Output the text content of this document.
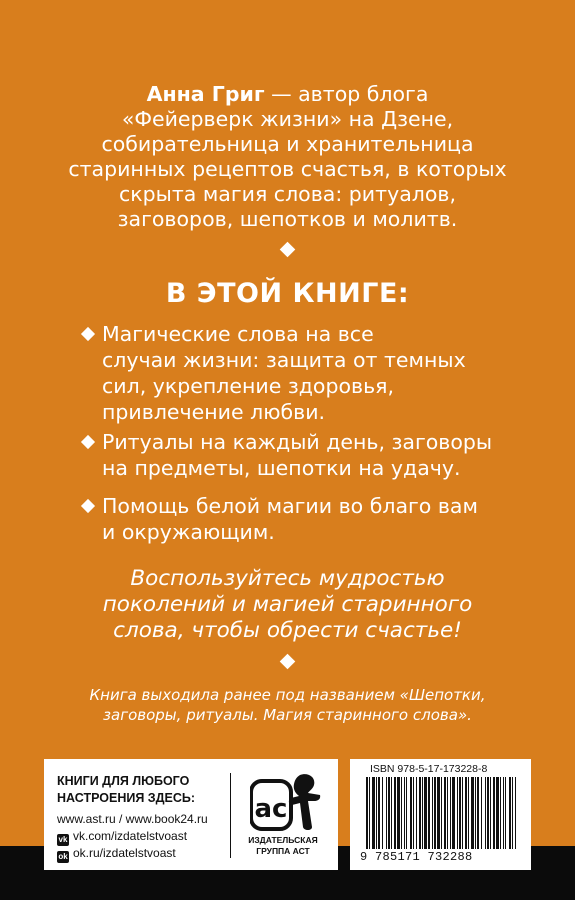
Анна Григ — автор блога
«Фейерверк жизни» на Дзене,
собирательница и хранительница
старинных рецептов счастья, в которых
скрыта магия слова: ритуалов,
заговоров, шепотков и молитв.
В ЭТОЙ КНИГЕ:
Магические слова на все
случаи жизни: защита от темных
сил, укрепление здоровья,
привлечение любви.
Ритуалы на каждый день, заговоры
на предметы, шепотки на удачу.
Помощь белой магии во благо вам
и окружающим.
Воспользуйтесь мудростью
поколений и магией старинного
слова, чтобы обрести счастье!
Книга выходила ранее под названием «Шепотки,
заговоры, ритуалы. Магия старинного слова».
КНИГИ ДЛЯ ЛЮБОГО
НАСТРОЕНИЯ ЗДЕСЬ:
www.ast.ru / www.book24.ru
vk vk.com/izdatelstvoast
ok ok.ru/izdatelstvoast
ac
ИЗДАТЕЛЬСКАЯ
ГРУППА АСТ
ISBN 978-5-17-173228-8
9 785171 732288
